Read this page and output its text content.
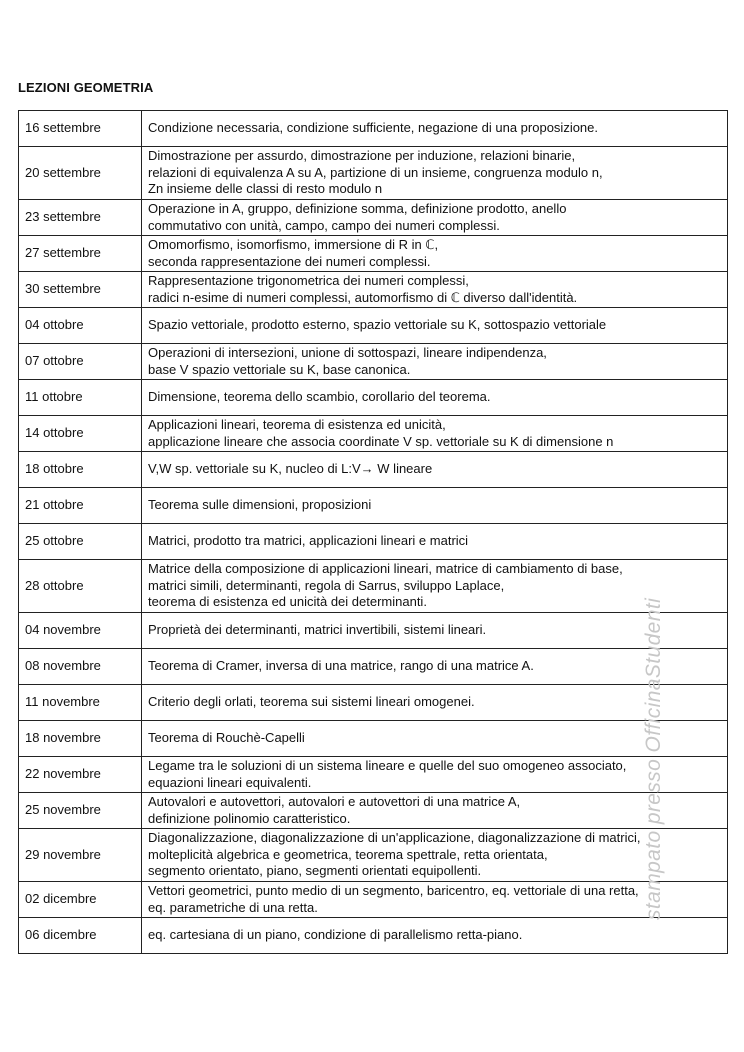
LEZIONI GEOMETRIA
16 settembre	Condizione necessaria, condizione sufficiente, negazione di una proposizione.

20 settembre	Dimostrazione per assurdo, dimostrazione per induzione, relazioni binarie,
relazioni di equivalenza A su A, partizione di un insieme, congruenza modulo n,
Zn insieme delle classi di resto modulo n

23 settembre	Operazione in A, gruppo, definizione somma, definizione prodotto, anello
commutativo con unità, campo, campo dei numeri complessi.

27 settembre	Omomorfismo, isomorfismo, immersione di R in ℂ,
seconda rappresentazione dei numeri complessi.

30 settembre	Rappresentazione trigonometrica dei numeri complessi,
radici n-esime di numeri complessi, automorfismo di ℂ diverso dall'identità.

04 ottobre	Spazio vettoriale, prodotto esterno, spazio vettoriale su K, sottospazio vettoriale

07 ottobre	Operazioni di intersezioni, unione di sottospazi, lineare indipendenza,
base V spazio vettoriale su K, base canonica.

11 ottobre	Dimensione, teorema dello scambio, corollario del teorema.

14 ottobre	Applicazioni lineari, teorema di esistenza ed unicità,
applicazione lineare che associa coordinate V sp. vettoriale su K di dimensione n

18 ottobre	V,W sp. vettoriale su K, nucleo di L:V→ W lineare

21 ottobre	Teorema sulle dimensioni, proposizioni

25 ottobre	Matrici, prodotto tra matrici, applicazioni lineari e matrici

28 ottobre	Matrice della composizione di applicazioni lineari, matrice di cambiamento di base,
matrici simili, determinanti, regola di Sarrus, sviluppo Laplace,
teorema di esistenza ed unicità dei determinanti.

04 novembre	Proprietà dei determinanti, matrici invertibili, sistemi lineari.

08 novembre	Teorema di Cramer, inversa di una matrice, rango di una matrice A.

11 novembre	Criterio degli orlati, teorema sui sistemi lineari omogenei.

18 novembre	Teorema di Rouchè-Capelli

22 novembre	Legame tra le soluzioni di un sistema lineare e quelle del suo omogeneo associato,
equazioni lineari equivalenti.

25 novembre	Autovalori e autovettori, autovalori e autovettori di una matrice A,
definizione polinomio caratteristico.

29 novembre	Diagonalizzazione, diagonalizzazione di un'applicazione, diagonalizzazione di matrici,
molteplicità algebrica e geometrica, teorema spettrale, retta orientata,
segmento orientato, piano, segmenti orientati equipollenti.

02 dicembre	Vettori geometrici, punto medio di un segmento, baricentro, eq. vettoriale di una retta,
eq. parametriche di una retta.

06 dicembre	eq. cartesiana di un piano, condizione di parallelismo retta-piano.
stampato presso OfficinaStudenti
